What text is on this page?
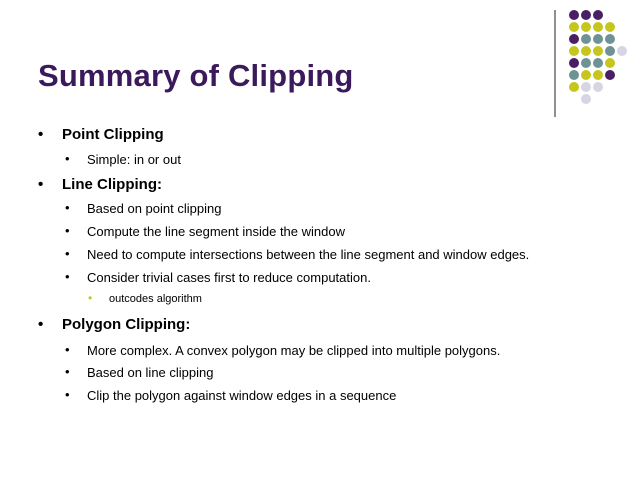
Summary of Clipping
• Point Clipping
• Simple: in or out
• Line Clipping:
• Based on point clipping
• Compute the line segment inside the window
• Need to compute intersections between the line segment and window edges.
• Consider trivial cases first to reduce computation.
• outcodes algorithm
• Polygon Clipping:
• More complex. A convex polygon may be clipped into multiple polygons.
• Based on line clipping
• Clip the polygon against window edges in a sequence
